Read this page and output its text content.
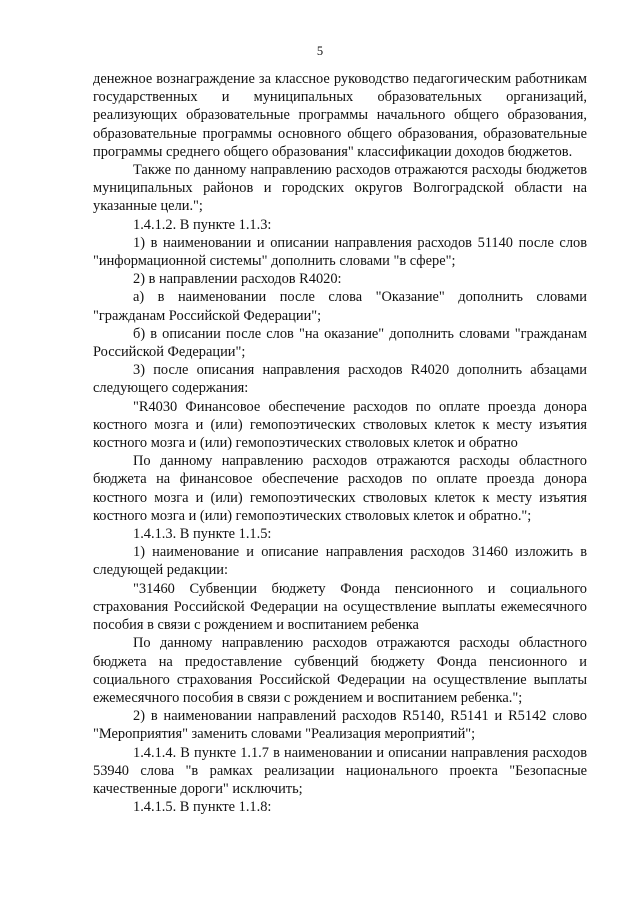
5

денежное вознаграждение за классное руководство педагогическим работникам государственных и муниципальных образовательных организаций, реализующих образовательные программы начального общего образования, образовательные программы основного общего образования, образовательные программы среднего общего образования" классификации доходов бюджетов.

Также по данному направлению расходов отражаются расходы бюджетов муниципальных районов и городских округов Волгоградской области на указанные цели.";

1.4.1.2. В пункте 1.1.3:

1) в наименовании и описании направления расходов 51140 после слов "информационной системы" дополнить словами "в сфере";

2) в направлении расходов R4020:

а) в наименовании после слова "Оказание" дополнить словами "гражданам Российской Федерации";

б) в описании после слов "на оказание" дополнить словами "гражданам Российской Федерации";

3) после описания направления расходов R4020 дополнить абзацами следующего содержания:

"R4030 Финансовое обеспечение расходов по оплате проезда донора костного мозга и (или) гемопоэтических стволовых клеток к месту изъятия костного мозга и (или) гемопоэтических стволовых клеток и обратно

По данному направлению расходов отражаются расходы областного бюджета на финансовое обеспечение расходов по оплате проезда донора костного мозга и (или) гемопоэтических стволовых клеток к месту изъятия костного мозга и (или) гемопоэтических стволовых клеток и обратно.";

1.4.1.3. В пункте 1.1.5:

1) наименование и описание направления расходов 31460 изложить в следующей редакции:

"31460 Субвенции бюджету Фонда пенсионного и социального страхования Российской Федерации на осуществление выплаты ежемесячного пособия в связи с рождением и воспитанием ребенка

По данному направлению расходов отражаются расходы областного бюджета на предоставление субвенций бюджету Фонда пенсионного и социального страхования Российской Федерации на осуществление выплаты ежемесячного пособия в связи с рождением и воспитанием ребенка.";

2) в наименовании направлений расходов R5140, R5141 и R5142 слово "Мероприятия" заменить словами "Реализация мероприятий";

1.4.1.4. В пункте 1.1.7 в наименовании и описании направления расходов 53940 слова "в рамках реализации национального проекта "Безопасные качественные дороги" исключить;

1.4.1.5. В пункте 1.1.8:
